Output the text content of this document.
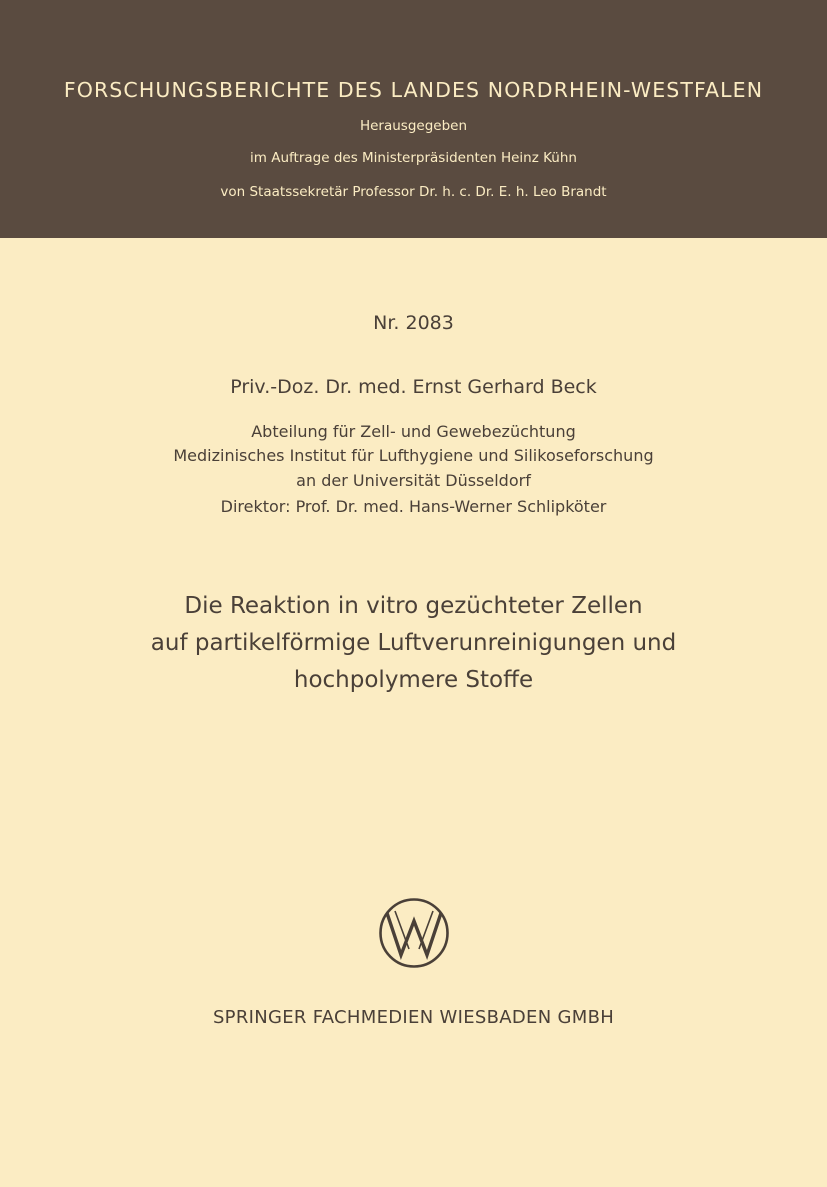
FORSCHUNGSBERICHTE DES LANDES NORDRHEIN-WESTFALEN
Herausgegeben
im Auftrage des Ministerpräsidenten Heinz Kühn
von Staatssekretär Professor Dr. h. c. Dr. E. h. Leo Brandt
Nr. 2083
Priv.-Doz. Dr. med. Ernst Gerhard Beck
Abteilung für Zell- und Gewebezüchtung
Medizinisches Institut für Lufthygiene und Silikoseforschung
an der Universität Düsseldorf
Direktor: Prof. Dr. med. Hans-Werner Schlipköter
Die Reaktion in vitro gezüchteter Zellen
auf partikelförmige Luftverunreinigungen und
hochpolymere Stoffe
SPRINGER FACHMEDIEN WIESBADEN GMBH
